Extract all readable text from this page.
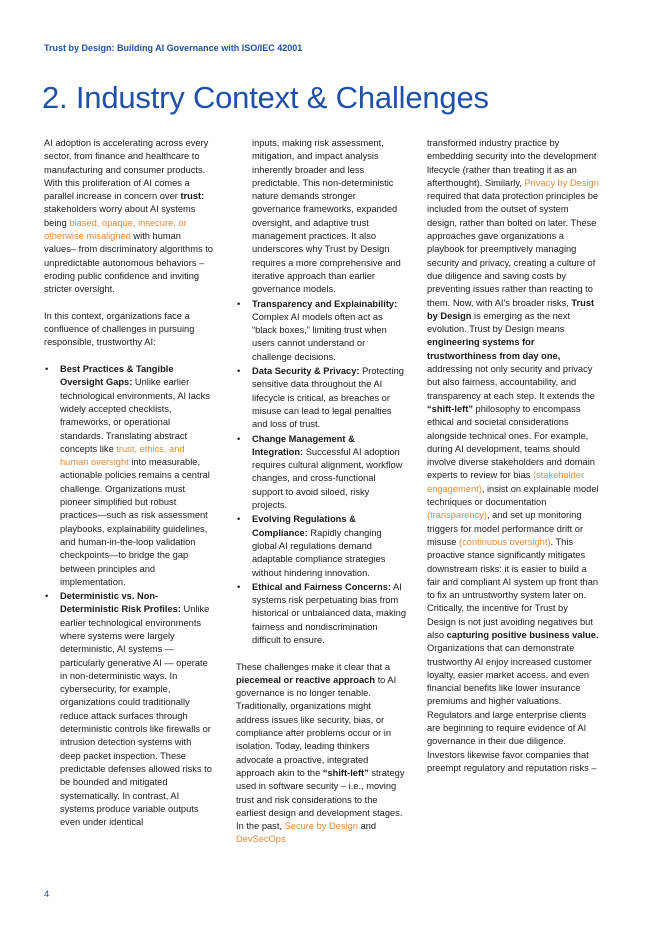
Trust by Design: Building AI Governance with ISO/IEC 42001
2. Industry Context & Challenges

AI adoption is accelerating across every sector, from finance and healthcare to manufacturing and consumer products. With this proliferation of AI comes a parallel increase in concern over trust: stakeholders worry about AI systems being biased, opaque, insecure, or otherwise misaligned with human values– from discriminatory algorithms to unpredictable autonomous behaviors – eroding public confidence and inviting stricter oversight.

In this context, organizations face a confluence of challenges in pursuing responsible, trustworthy AI:

• Best Practices & Tangible Oversight Gaps: Unlike earlier technological environments, AI lacks widely accepted checklists, frameworks, or operational standards. Translating abstract concepts like trust, ethics, and human oversight into measurable, actionable policies remains a central challenge. Organizations must pioneer simplified but robust practices—such as risk assessment playbooks, explainability guidelines, and human-in-the-loop validation checkpoints—to bridge the gap between principles and implementation.
• Deterministic vs. Non-Deterministic Risk Profiles: Unlike earlier technological environments where systems were largely deterministic, AI systems — particularly generative AI — operate in non-deterministic ways. In cybersecurity, for example, organizations could traditionally reduce attack surfaces through deterministic controls like firewalls or intrusion detection systems with deep packet inspection. These predictable defenses allowed risks to be bounded and mitigated systematically. In contrast, AI systems produce variable outputs even under identical
inputs, making risk assessment, mitigation, and impact analysis inherently broader and less predictable. This non-deterministic nature demands stronger governance frameworks, expanded oversight, and adaptive trust management practices. It also underscores why Trust by Design requires a more comprehensive and iterative approach than earlier governance models.
• Transparency and Explainability: Complex AI models often act as “black boxes,” limiting trust when users cannot understand or challenge decisions.
• Data Security & Privacy: Protecting sensitive data throughout the AI lifecycle is critical, as breaches or misuse can lead to legal penalties and loss of trust.
• Change Management & Integration: Successful AI adoption requires cultural alignment, workflow changes, and cross-functional support to avoid siloed, risky projects.
• Evolving Regulations & Compliance: Rapidly changing global AI regulations demand adaptable compliance strategies without hindering innovation.
• Ethical and Fairness Concerns: AI systems risk perpetuating bias from historical or unbalanced data, making fairness and nondiscrimination difficult to ensure.

These challenges make it clear that a piecemeal or reactive approach to AI governance is no longer tenable. Traditionally, organizations might address issues like security, bias, or compliance after problems occur or in isolation. Today, leading thinkers advocate a proactive, integrated approach akin to the “shift-left” strategy used in software security – i.e., moving trust and risk considerations to the earliest design and development stages. In the past, Secure by Design and DevSecOps

transformed industry practice by embedding security into the development lifecycle (rather than treating it as an afterthought). Similarly, Privacy by Design required that data protection principles be included from the outset of system design, rather than bolted on later. These approaches gave organizations a playbook for preemptively managing security and privacy, creating a culture of due diligence and saving costs by preventing issues rather than reacting to them. Now, with AI's broader risks, Trust by Design is emerging as the next evolution. Trust by Design means engineering systems for trustworthiness from day one, addressing not only security and privacy but also fairness, accountability, and transparency at each step. It extends the “shift-left” philosophy to encompass ethical and societal considerations alongside technical ones. For example, during AI development, teams should involve diverse stakeholders and domain experts to review for bias (stakeholder engagement), insist on explainable model techniques or documentation (transparency), and set up monitoring triggers for model performance drift or misuse (continuous oversight). This proactive stance significantly mitigates downstream risks: it is easier to build a fair and compliant AI system up front than to fix an untrustworthy system later on.

Critically, the incentive for Trust by Design is not just avoiding negatives but also capturing positive business value. Organizations that can demonstrate trustworthy AI enjoy increased customer loyalty, easier market access, and even financial benefits like lower insurance premiums and higher valuations. Regulators and large enterprise clients are beginning to require evidence of AI governance in their due diligence. Investors likewise favor companies that preempt regulatory and reputation risks –

4
